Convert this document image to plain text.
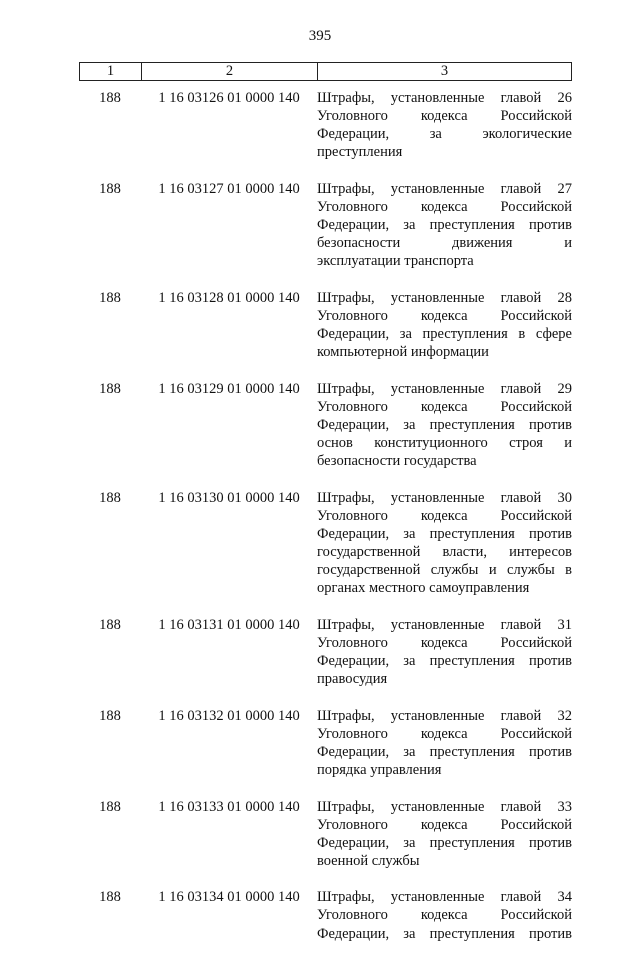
395
1	2	3
188	1 16 03126 01 0000 140	Штрафы, установленные главой 26
Уголовного кодекса Российской
Федерации,	за	экологические
преступления
188	1 16 03127 01 0000 140	Штрафы, установленные главой 27
Уголовного кодекса Российской
Федерации, за преступления против
безопасности	движения	и
эксплуатации транспорта
188	1 16 03128 01 0000 140	Штрафы, установленные главой 28
Уголовного кодекса Российской
Федерации, за преступления в сфере
компьютерной информации
188	1 16 03129 01 0000 140	Штрафы, установленные главой 29
Уголовного кодекса Российской
Федерации, за преступления против
основ конституционного строя и
безопасности государства
188	1 16 03130 01 0000 140	Штрафы, установленные главой 30
Уголовного кодекса Российской
Федерации, за преступления против
государственной власти, интересов
государственной службы и службы в
органах местного самоуправления
188	1 16 03131 01 0000 140	Штрафы, установленные главой 31
Уголовного кодекса Российской
Федерации, за преступления против
правосудия
188	1 16 03132 01 0000 140	Штрафы, установленные главой 32
Уголовного кодекса Российской
Федерации, за преступления против
порядка управления
188	1 16 03133 01 0000 140	Штрафы, установленные главой 33
Уголовного кодекса Российской
Федерации, за преступления против
военной службы
188	1 16 03134 01 0000 140	Штрафы, установленные главой 34
Уголовного кодекса Российской
Федерации, за преступления против
